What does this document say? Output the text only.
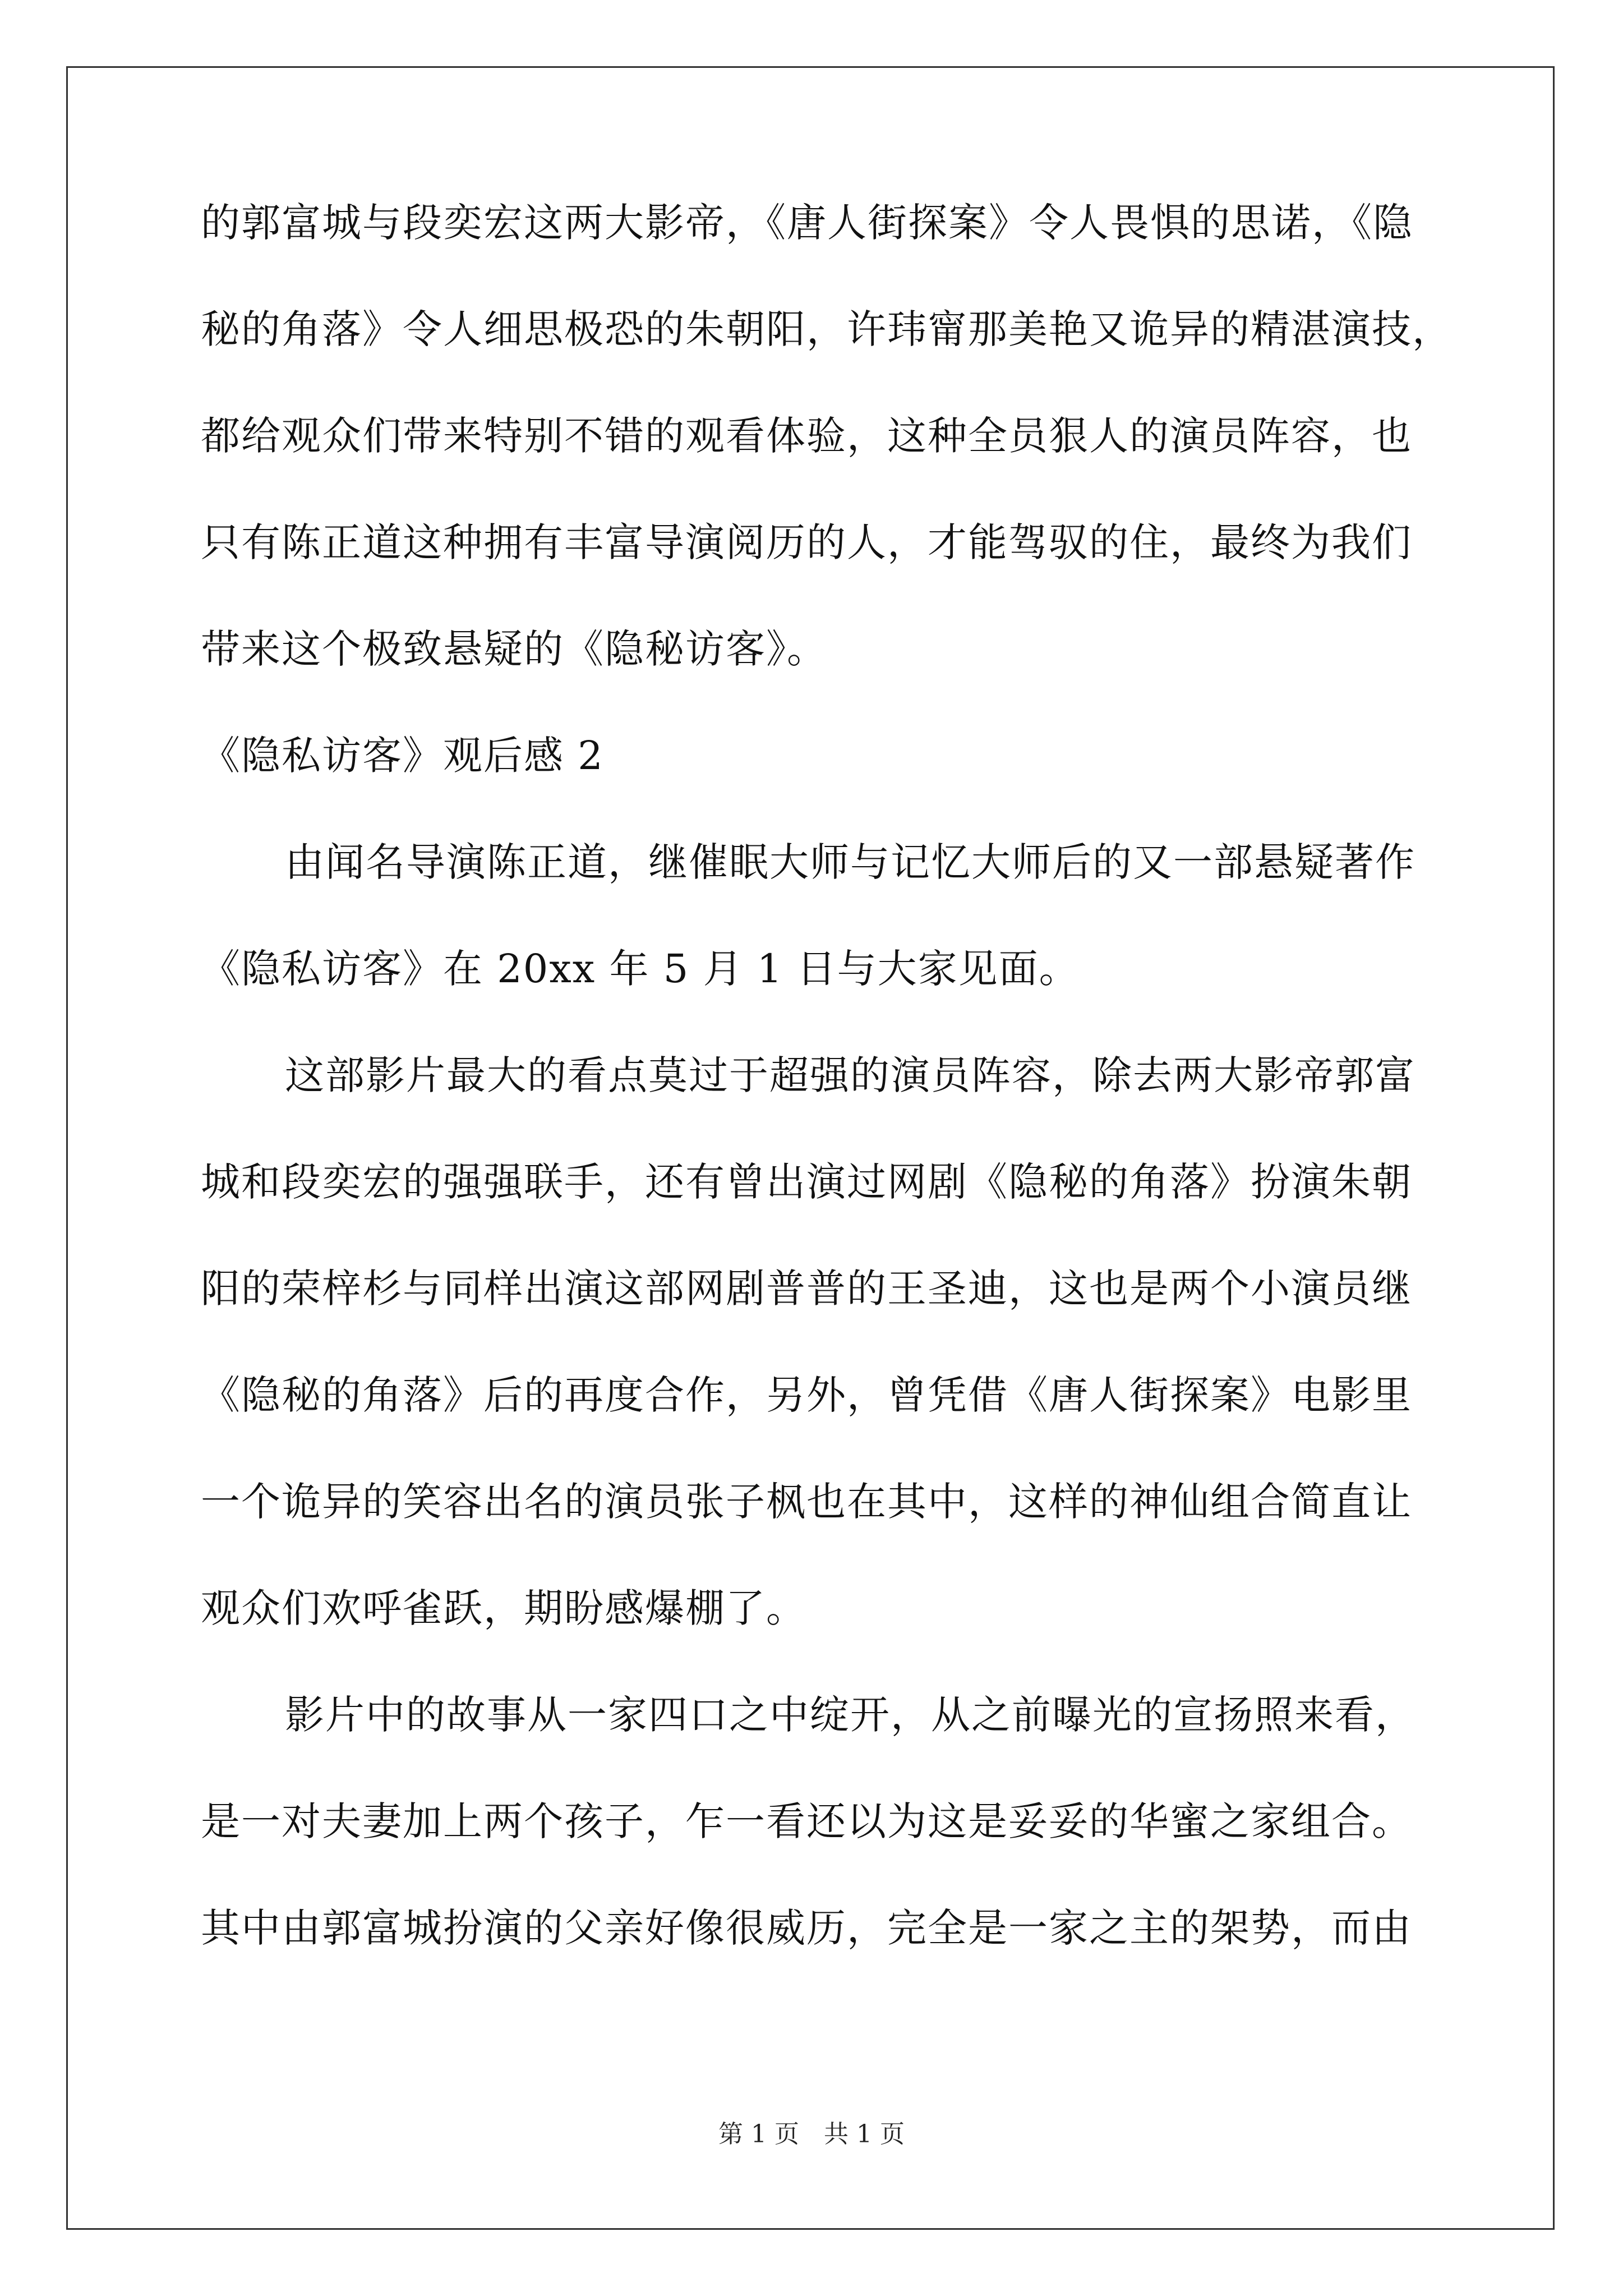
的郭富城与段奕宏这两大影帝，《唐人街探案》令人畏惧的思诺，《隐
秘的角落》令人细思极恐的朱朝阳，许玮甯那美艳又诡异的精湛演技，
都给观众们带来特别不错的观看体验，这种全员狠人的演员阵容，也
只有陈正道这种拥有丰富导演阅历的人，才能驾驭的住，最终为我们
带来这个极致悬疑的《隐秘访客》。
《隐私访客》观后感 2
由闻名导演陈正道，继催眠大师与记忆大师后的又一部悬疑著作
《隐私访客》在 20xx 年 5 月 1 日与大家见面。
这部影片最大的看点莫过于超强的演员阵容，除去两大影帝郭富
城和段奕宏的强强联手，还有曾出演过网剧《隐秘的角落》扮演朱朝
阳的荣梓杉与同样出演这部网剧普普的王圣迪，这也是两个小演员继
《隐秘的角落》后的再度合作，另外，曾凭借《唐人街探案》电影里
一个诡异的笑容出名的演员张子枫也在其中，这样的神仙组合简直让
观众们欢呼雀跃，期盼感爆棚了。
影片中的故事从一家四口之中绽开，从之前曝光的宣扬照来看，
是一对夫妻加上两个孩子，乍一看还以为这是妥妥的华蜜之家组合。
其中由郭富城扮演的父亲好像很威历，完全是一家之主的架势，而由
第 1 页　共 1 页
